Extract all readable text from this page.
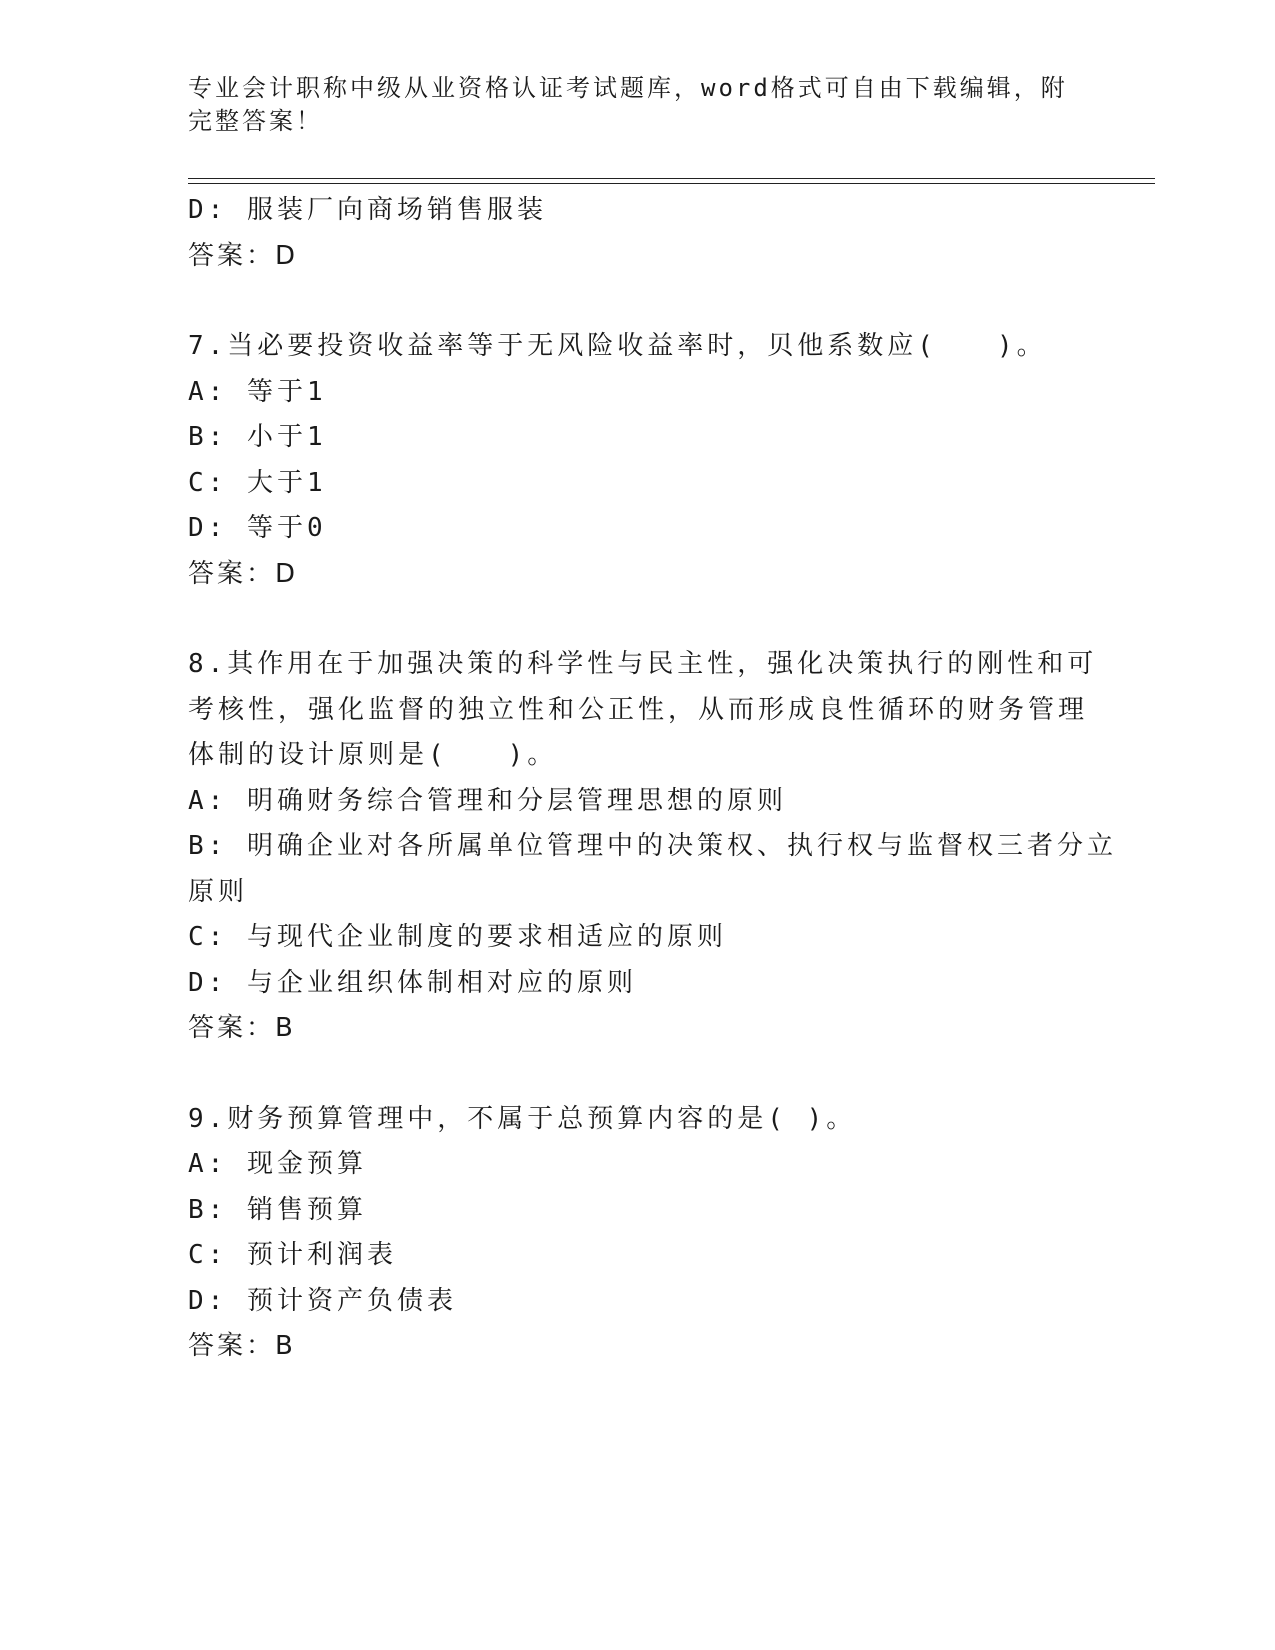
专业会计职称中级从业资格认证考试题库，word格式可自由下载编辑，附完整答案！
D: 服装厂向商场销售服装
答案：D
7.当必要投资收益率等于无风险收益率时，贝他系数应(　　)。
A: 等于1
B: 小于1
C: 大于1
D: 等于0
答案：D
8.其作用在于加强决策的科学性与民主性，强化决策执行的刚性和可
考核性，强化监督的独立性和公正性，从而形成良性循环的财务管理
体制的设计原则是(　　)。
A: 明确财务综合管理和分层管理思想的原则
B: 明确企业对各所属单位管理中的决策权、执行权与监督权三者分立
原则
C: 与现代企业制度的要求相适应的原则
D: 与企业组织体制相对应的原则
答案：B
9.财务预算管理中，不属于总预算内容的是( )。
A: 现金预算
B: 销售预算
C: 预计利润表
D: 预计资产负债表
答案：B
